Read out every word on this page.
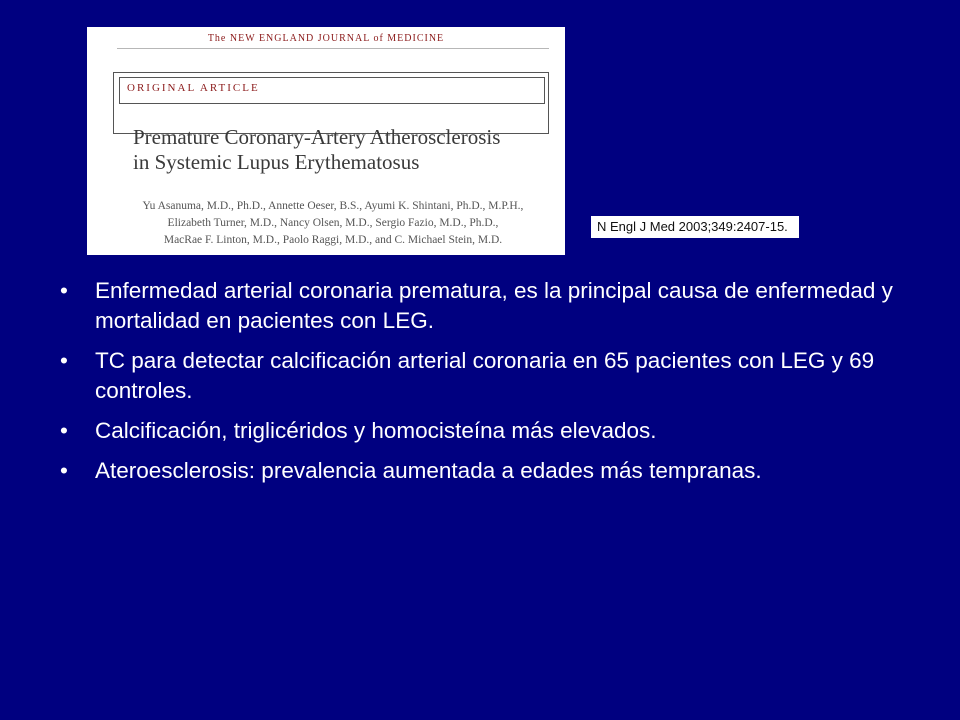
The NEW ENGLAND JOURNAL of MEDICINE
ORIGINAL ARTICLE
Premature Coronary-Artery Atherosclerosis
in Systemic Lupus Erythematosus
Yu Asanuma, M.D., Ph.D., Annette Oeser, B.S., Ayumi K. Shintani, Ph.D., M.P.H.,
Elizabeth Turner, M.D., Nancy Olsen, M.D., Sergio Fazio, M.D., Ph.D.,
MacRae F. Linton, M.D., Paolo Raggi, M.D., and C. Michael Stein, M.D.
N Engl J Med 2003;349:2407-15.
•	Enfermedad arterial coronaria prematura, es la principal causa de enfermedad y mortalidad en pacientes con LEG.
•	TC para detectar calcificación arterial coronaria en 65 pacientes con LEG y 69 controles.
•	Calcificación, triglicéridos y homocisteína más elevados.
•	Ateroesclerosis: prevalencia aumentada a edades más tempranas.
